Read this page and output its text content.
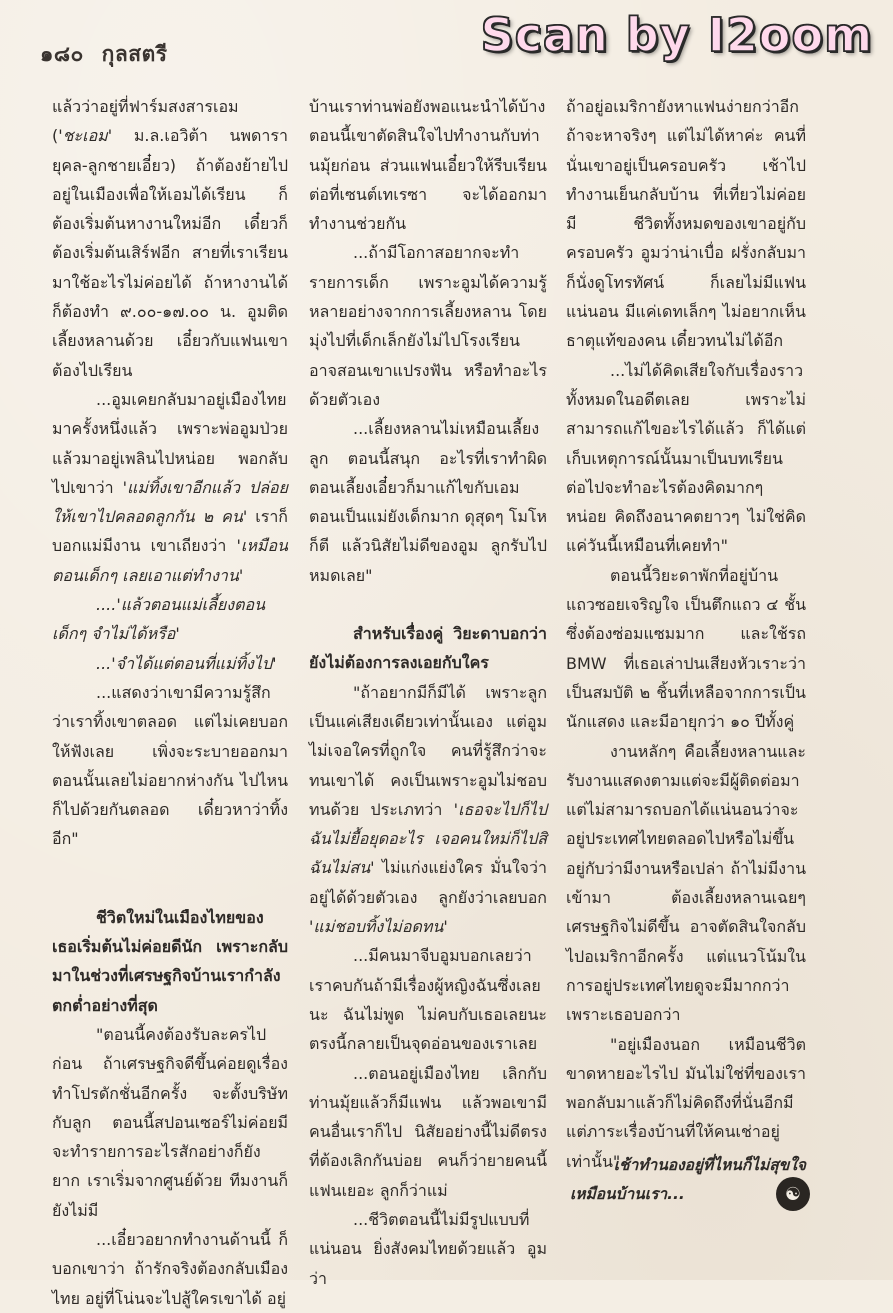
๑๘๐ กุลสตรี	Scan by I2oom

แล้วว่าอยู่ที่ฟาร์มสงสารเอม ('ชะเอม' ม.ล.เอวิต้า นพดารา ยุคล-ลูกชายเอี๋ยว) ถ้าต้องย้ายไปอยู่ในเมืองเพื่อให้เอมได้เรียน ก็ต้องเริ่มต้นหางานใหม่อีก เดี๋ยวก็ต้องเริ่มต้นเสิร์ฟอีก สายที่เราเรียนมาใช้อะไรไม่ค่อยได้ ถ้าหางานได้ก็ต้องทำ ๙.๐๐-๑๗.๐๐ น. อูมติดเลี้ยงหลานด้วย เอี๋ยวกับแฟนเขาต้องไปเรียน

...อูมเคยกลับมาอยู่เมืองไทยมาครั้งหนึ่งแล้ว เพราะพ่ออูมป่วย แล้วมาอยู่เพลินไปหน่อย พอกลับไปเขาว่า 'แม่ทิ้งเขาอีกแล้ว ปล่อยให้เขาไปคลอดลูกกัน ๒ คน' เราก็บอกแม่มีงาน เขาเถียงว่า 'เหมือนตอนเด็กๆ เลยเอาแต่ทำงาน'

....'แล้วตอนแม่เลี้ยงตอนเด็กๆ จำไม่ได้หรือ'

...'จำได้แต่ตอนที่แม่ทิ้งไป'

...แสดงว่าเขามีความรู้สึกว่าเราทิ้งเขาตลอด แต่ไม่เคยบอกให้ฟังเลย เพิ่งจะระบายออกมา ตอนนั้นเลยไม่อยากห่างกัน ไปไหนก็ไปด้วยกันตลอด เดี๋ยวหาว่าทิ้งอีก"

ชีวิตใหม่ในเมืองไทยของเธอเริ่มต้นไม่ค่อยดีนัก เพราะกลับมาในช่วงที่เศรษฐกิจบ้านเรากำลังตกต่ำอย่างที่สุด

"ตอนนี้คงต้องรับละครไปก่อน ถ้าเศรษฐกิจดีขึ้นค่อยดูเรื่องทำโปรดักชั่นอีกครั้ง จะตั้งบริษัทกับลูก ตอนนี้สปอนเซอร์ไม่ค่อยมี จะทำรายการอะไรสักอย่างก็ยังยาก เราเริ่มจากศูนย์ด้วย ทีมงานก็ยังไม่มี

...เอี๋ยวอยากทำงานด้านนี้ ก็บอกเขาว่า ถ้ารักจริงต้องกลับเมืองไทย อยู่ที่โน่นจะไปสู้ใครเขาได้ อยู่

บ้านเราท่านพ่อยังพอแนะนำได้บ้าง ตอนนี้เขาตัดสินใจไปทำงานกับท่านมุ้ยก่อน ส่วนแฟนเอี๋ยวให้รีบเรียนต่อที่เซนต์เทเรซา จะได้ออกมาทำงานช่วยกัน

...ถ้ามีโอกาสอยากจะทำรายการเด็ก เพราะอูมได้ความรู้หลายอย่างจากการเลี้ยงหลาน โดยมุ่งไปที่เด็กเล็กยังไม่ไปโรงเรียน อาจสอนเขาแปรงฟัน หรือทำอะไรด้วยตัวเอง

...เลี้ยงหลานไม่เหมือนเลี้ยงลูก ตอนนี้สนุก อะไรที่เราทำผิดตอนเลี้ยงเอี๋ยวก็มาแก้ไขกับเอม ตอนเป็นแม่ยังเด็กมาก ดุสุดๆ โมโหก็ตี แล้วนิสัยไม่ดีของอูม ลูกรับไปหมดเลย"

สำหรับเรื่องคู่ วิยะดาบอกว่ายังไม่ต้องการลงเอยกับใคร

"ถ้าอยากมีก็มีได้ เพราะลูกเป็นแค่เสียงเดียวเท่านั้นเอง แต่อูมไม่เจอใครที่ถูกใจ คนที่รู้สึกว่าจะทนเขาได้ คงเป็นเพราะอูมไม่ชอบทนด้วย ประเภทว่า 'เธอจะไปก็ไป ฉันไม่ยื้อยุดอะไร เจอคนใหม่ก็ไปสิฉันไม่สน' ไม่แก่งแย่งใคร มั่นใจว่าอยู่ได้ด้วยตัวเอง ลูกยังว่าเลยบอก 'แม่ชอบทิ้งไม่อดทน'

...มีคนมาจีบอูมบอกเลยว่าเราคบกันถ้ามีเรื่องผู้หญิงฉันซึ่งเลยนะ ฉันไม่พูด ไม่คบกับเธอเลยนะ ตรงนี้กลายเป็นจุดอ่อนของเราเลย

...ตอนอยู่เมืองไทย เลิกกับท่านมุ้ยแล้วก็มีแฟน แล้วพอเขามีคนอื่นเราก็ไป นิสัยอย่างนี้ไม่ดีตรงที่ต้องเลิกกันบ่อย คนก็ว่ายายคนนี้แฟนเยอะ ลูกก็ว่าแม่

...ชีวิตตอนนี้ไม่มีรูปแบบที่แน่นอน ยิ่งสังคมไทยด้วยแล้ว อูมว่า

ถ้าอยู่อเมริกายังหาแฟนง่ายกว่าอีก ถ้าจะหาจริงๆ แต่ไม่ได้หาค่ะ คนที่นั่นเขาอยู่เป็นครอบครัว เช้าไปทำงานเย็นกลับบ้าน ที่เที่ยวไม่ค่อยมี ชีวิตทั้งหมดของเขาอยู่กับครอบครัว อูมว่าน่าเบื่อ ฝรั่งกลับมาก็นั่งดูโทรทัศน์ ก็เลยไม่มีแฟนแน่นอน มีแค่เดทเล็กๆ ไม่อยากเห็นธาตุแท้ของคน เดี๋ยวทนไม่ได้อีก

...ไม่ได้คิดเสียใจกับเรื่องราวทั้งหมดในอดีตเลย เพราะไม่สามารถแก้ไขอะไรได้แล้ว ก็ได้แต่เก็บเหตุการณ์นั้นมาเป็นบทเรียน ต่อไปจะทำอะไรต้องคิดมากๆ หน่อย คิดถึงอนาคตยาวๆ ไม่ใช่คิดแค่วันนี้เหมือนที่เคยทำ"

ตอนนี้วิยะดาพักที่อยู่บ้านแถวซอยเจริญใจ เป็นตึกแถว ๔ ชั้น ซึ่งต้องซ่อมแซมมาก และใช้รถ BMW ที่เธอเล่าปนเสียงหัวเราะว่า เป็นสมบัติ ๒ ชิ้นที่เหลือจากการเป็นนักแสดง และมีอายุกว่า ๑๐ ปีทั้งคู่

งานหลักๆ คือเลี้ยงหลานและรับงานแสดงตามแต่จะมีผู้ติดต่อมา แต่ไม่สามารถบอกได้แน่นอนว่าจะอยู่ประเทศไทยตลอดไปหรือไม่ขึ้นอยู่กับว่ามีงานหรือเปล่า ถ้าไม่มีงานเข้ามา ต้องเลี้ยงหลานเฉยๆ เศรษฐกิจไม่ดีขึ้น อาจตัดสินใจกลับไปอเมริกาอีกครั้ง แต่แนวโน้มในการอยู่ประเทศไทยดูจะมีมากกว่า เพราะเธอบอกว่า

"อยู่เมืองนอก เหมือนชีวิตขาดหายอะไรไป มันไม่ใช่ที่ของเรา พอกลับมาแล้วก็ไม่คิดถึงที่นั่นอีกมีแต่ภาระเรื่องบ้านที่ให้คนเช่าอยู่เท่านั้น"

เช้าทำนองอยู่ที่ไหนก็ไม่สุขใจ
เหมือนบ้านเรา...	☯
